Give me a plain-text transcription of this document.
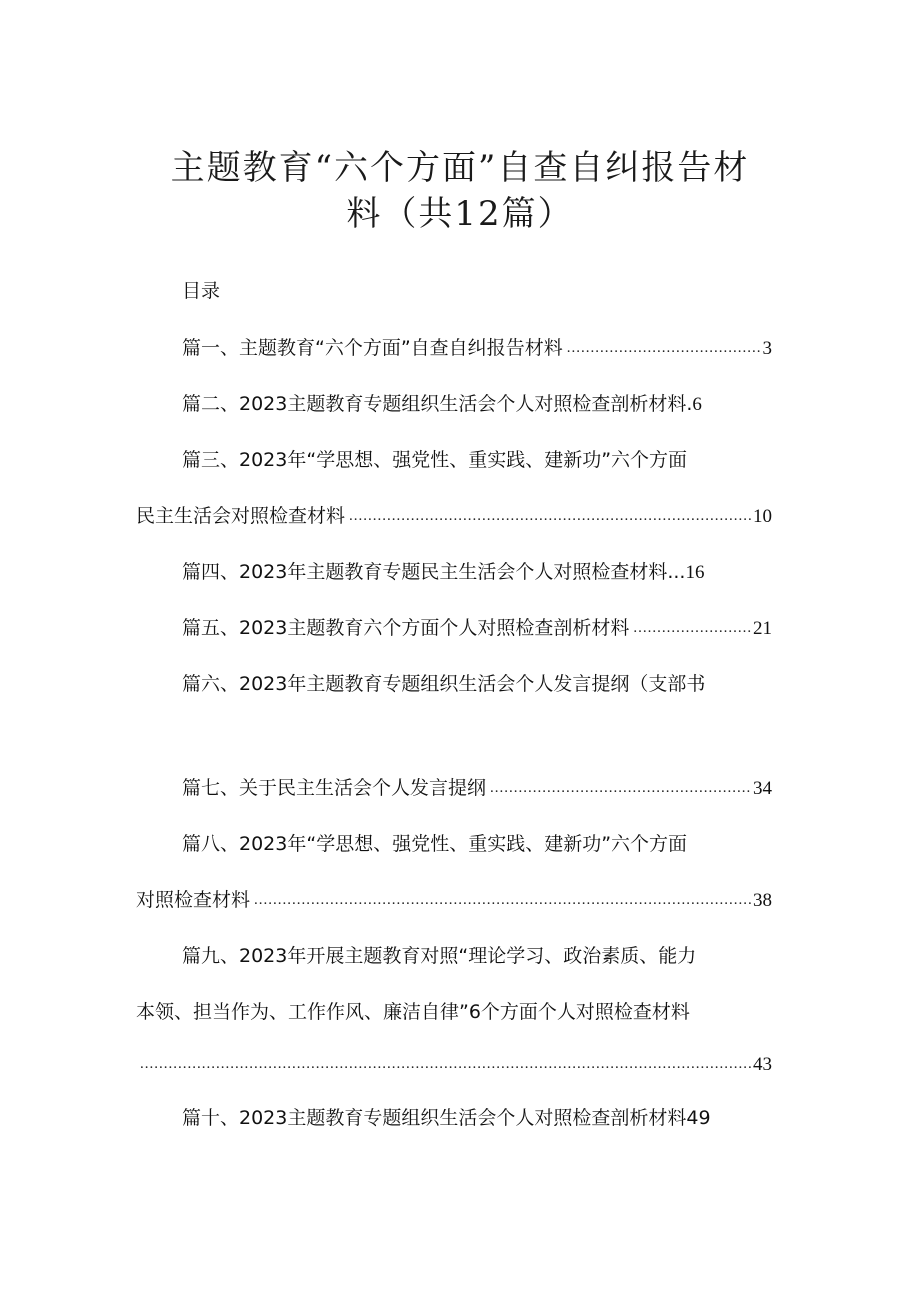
主题教育“六个方面”自查自纠报告材
料（共12篇）
目录
篇一、主题教育“六个方面”自查自纠报告材料 .....	3
篇二、2023主题教育专题组织生活会个人对照检查剖析材料. 6
篇三、2023年“学思想、强党性、重实践、建新功”六个方面
民主生活会对照检查材料 .....	10
篇四、2023年主题教育专题民主生活会个人对照检查材料... 16
篇五、2023主题教育六个方面个人对照检查剖析材料 .....	21
篇六、2023年主题教育专题组织生活会个人发言提纲（支部书
篇七、关于民主生活会个人发言提纲 .....	34
篇八、2023年“学思想、强党性、重实践、建新功”六个方面
对照检查材料 .....	38
篇九、2023年开展主题教育对照“理论学习、政治素质、能力
本领、担当作为、工作作风、廉洁自律”6个方面个人对照检查材料
.....
43
篇十、2023主题教育专题组织生活会个人对照检查剖析材料49
